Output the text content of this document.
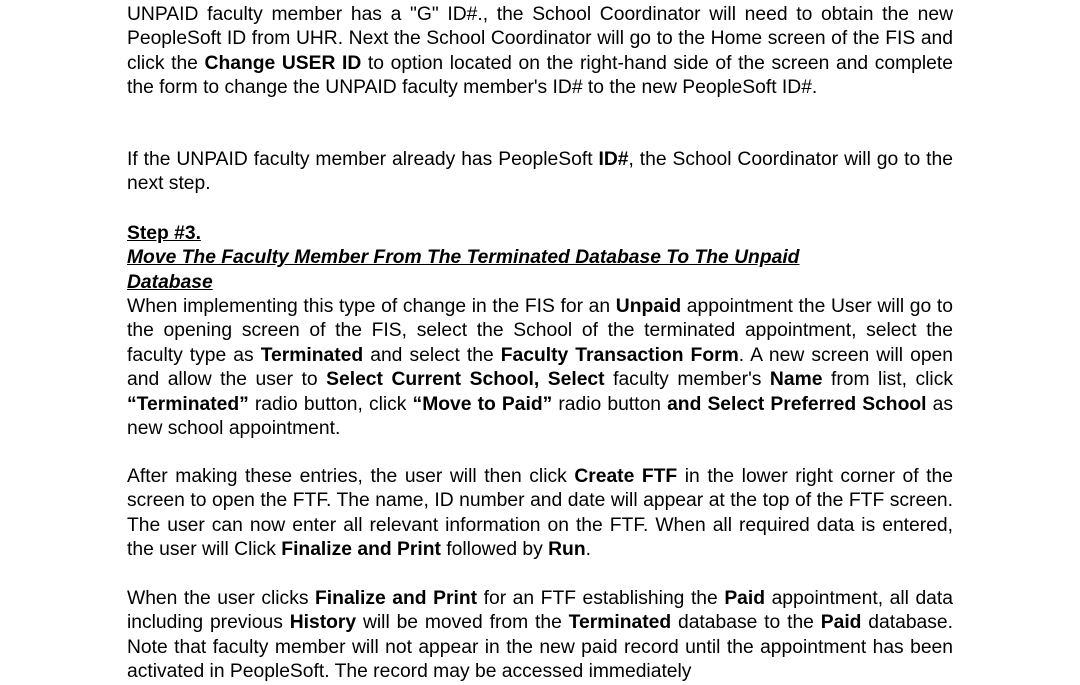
UNPAID faculty member has a "G" ID#., the School Coordinator will need to obtain the new PeopleSoft ID from UHR. Next the School Coordinator will go to the Home screen of the FIS and click the Change USER ID to option located on the right-hand side of the screen and complete the form to change the UNPAID faculty member's ID# to the new PeopleSoft ID#.

If the UNPAID faculty member already has PeopleSoft ID#, the School Coordinator will go to the next step.

Step #3.
Move The Faculty Member From The Terminated Database To The Unpaid Database

When implementing this type of change in the FIS for an Unpaid appointment the User will go to the opening screen of the FIS, select the School of the terminated appointment, select the faculty type as Terminated and select the Faculty Transaction Form. A new screen will open and allow the user to Select Current School, Select faculty member's Name from list, click “Terminated” radio button, click “Move to Paid” radio button and Select Preferred School as new school appointment.

After making these entries, the user will then click Create FTF in the lower right corner of the screen to open the FTF. The name, ID number and date will appear at the top of the FTF screen. The user can now enter all relevant information on the FTF. When all required data is entered, the user will Click Finalize and Print followed by Run.

When the user clicks Finalize and Print for an FTF establishing the Paid appointment, all data including previous History will be moved from the Terminated database to the Paid database. Note that faculty member will not appear in the new paid record until the appointment has been activated in PeopleSoft. The record may be accessed immediately
